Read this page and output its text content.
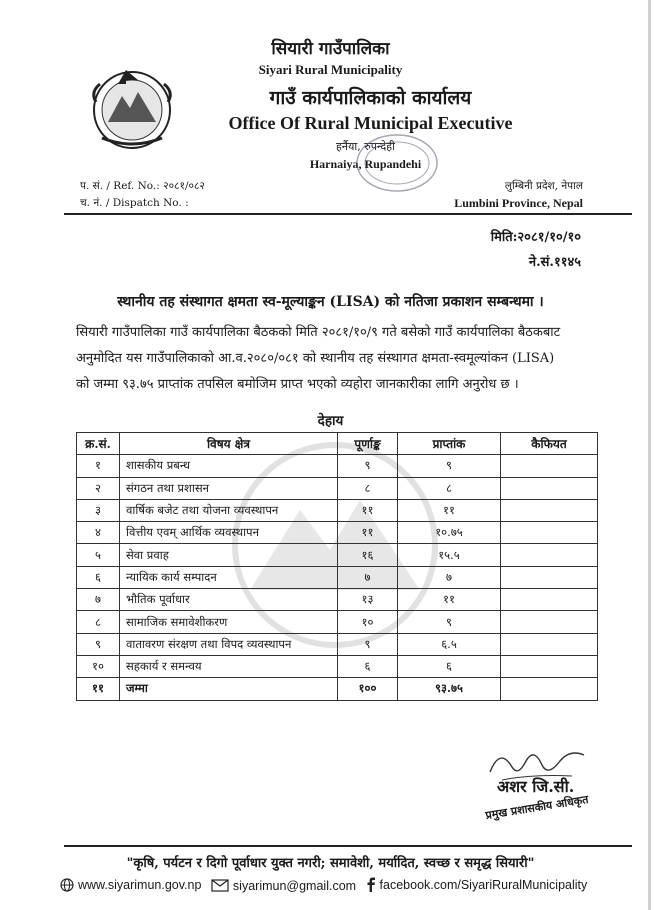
सियारी गाउँपालिका
Siyari Rural Municipality
गाउँ कार्यपालिकाको कार्यालय
Office Of Rural Municipal Executive
हर्नैया, रुपन्देही
Harnaiya, Rupandehi
प. सं. / Ref. No.: २०८१/०८२
च. नं. / Dispatch No. :
लुम्बिनी प्रदेश, नेपाल
Lumbini Province, Nepal
मिति:२०८१/१०/१०
ने.सं.११४५
स्थानीय तह संस्थागत क्षमता स्व-मूल्याङ्कन (LISA) को नतिजा प्रकाशन सम्बन्धमा ।
सियारी गाउँपालिका गाउँ कार्यपालिका बैठकको मिति २०८१/१०/९ गते बसेको गाउँ कार्यपालिका बैठकबाट
अनुमोदित यस गाउँपालिकाको आ.व.२०८०/०८१ को स्थानीय तह संस्थागत क्षमता-स्वमूल्यांकन (LISA)
को जम्मा ९३.७५ प्राप्तांक तपसिल बमोजिम प्राप्त भएको व्यहोरा जानकारीका लागि अनुरोध छ ।
देहाय
क्र.सं.	विषय क्षेत्र	पूर्णाङ्क	प्राप्तांक	कैफियत
१	शासकीय प्रबन्ध	९	९	
२	संगठन तथा प्रशासन	८	८	
३	वार्षिक बजेट तथा योजना व्यवस्थापन	११	११	
४	वित्तीय एवम् आर्थिक व्यवस्थापन	११	१०.७५	
५	सेवा प्रवाह	१६	१५.५	
६	न्यायिक कार्य सम्पादन	७	७	
७	भौतिक पूर्वाधार	१३	११	
८	सामाजिक समावेशीकरण	१०	९	
९	वातावरण संरक्षण तथा विपद व्यवस्थापन	९	६.५	
१०	सहकार्य र समन्वय	६	६	
११	जम्मा	१००	९३.७५	
अशर जि.सी.
प्रमुख प्रशासकीय अधिकृत
"कृषि, पर्यटन र दिगो पूर्वाधार युक्त नगरी; समावेशी, मर्यादित, स्वच्छ र समृद्ध सियारी"
www.siyarimun.gov.np
	siyarimun@gmail.com
facebook.com/SiyariRuralMunicipality
